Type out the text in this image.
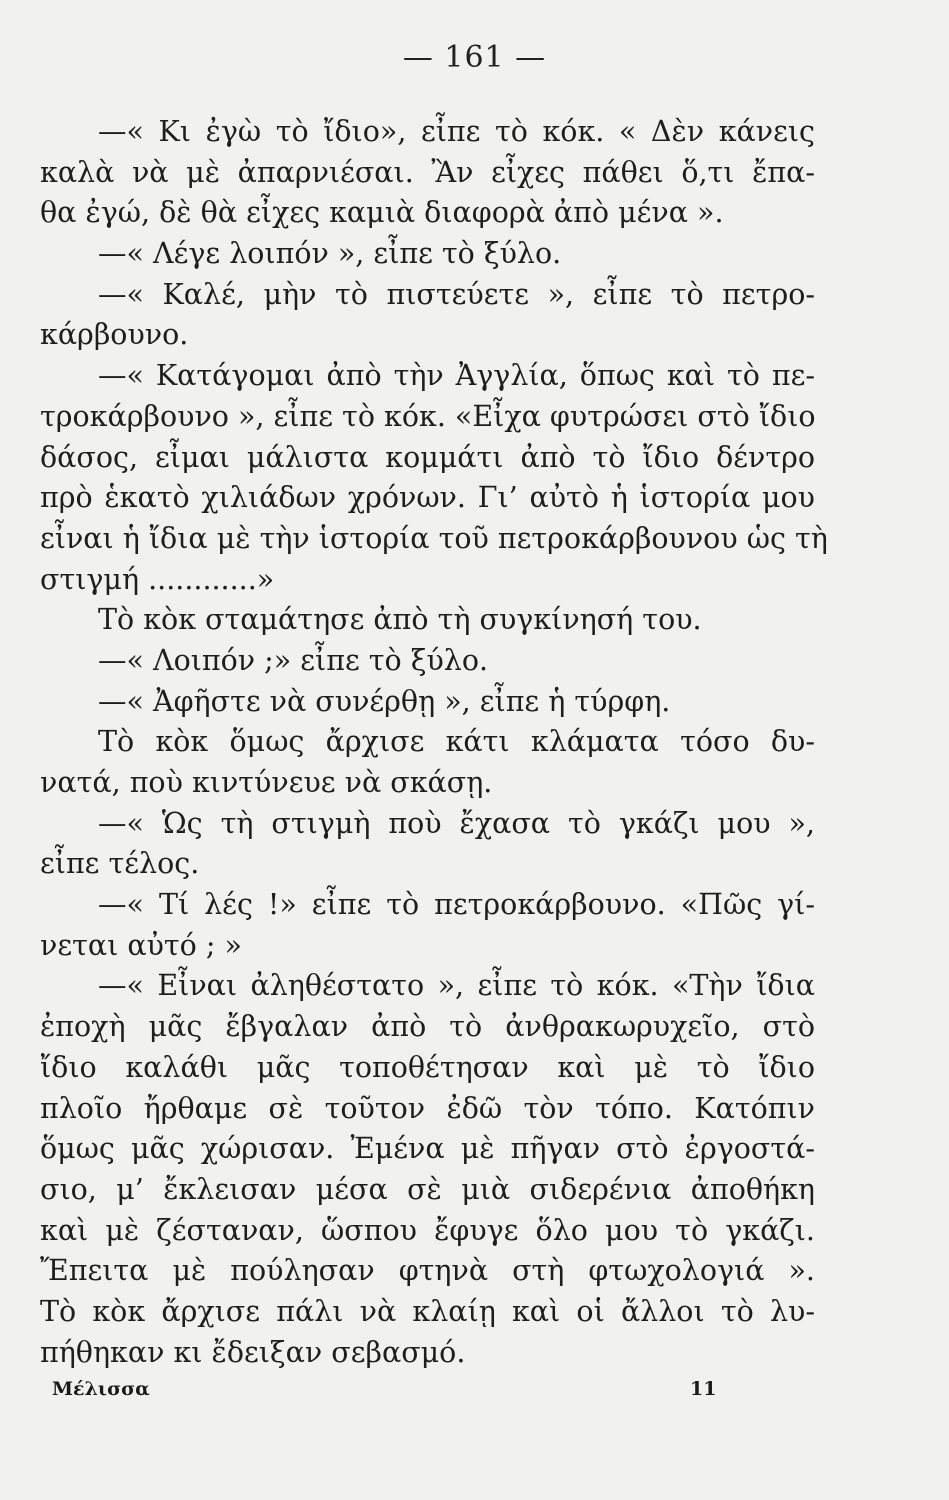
— 161 —
—« Κι ἐγὼ τὸ ἴδιο», εἶπε τὸ κόκ. « Δὲν κάνεις
καλὰ νὰ μὲ ἀπαρνιέσαι. Ἂν εἶχες πάθει ὅ,τι ἔπα-
θα ἐγώ, δὲ θὰ εἶχες καμιὰ διαφορὰ ἀπὸ μένα ».
—« Λέγε λοιπόν », εἶπε τὸ ξύλο.
—« Καλέ, μὴν τὸ πιστεύετε », εἶπε τὸ πετρο-
κάρβουνο.
—« Κατάγομαι ἀπὸ τὴν Ἀγγλία, ὅπως καὶ τὸ πε-
τροκάρβουνο », εἶπε τὸ κόκ. «Εἶχα φυτρώσει στὸ ἴδιο
δάσος, εἶμαι μάλιστα κομμάτι ἀπὸ τὸ ἴδιο δέντρο
πρὸ ἑκατὸ χιλιάδων χρόνων. Γι’ αὐτὸ ἡ ἱστορία μου
εἶναι ἡ ἴδια μὲ τὴν ἱστορία τοῦ πετροκάρβουνου ὡς τὴ
στιγμή ............»
Τὸ κὸκ σταμάτησε ἀπὸ τὴ συγκίνησή του.
—« Λοιπόν ;» εἶπε τὸ ξύλο.
—« Ἀφῆστε νὰ συνέρθῃ », εἶπε ἡ τύρφη.
Τὸ κὸκ ὅμως ἄρχισε κάτι κλάματα τόσο δυ-
νατά, ποὺ κιντύνευε νὰ σκάσῃ.
—« Ὡς τὴ στιγμὴ ποὺ ἔχασα τὸ γκάζι μου »,
εἶπε τέλος.
—« Τί λές !» εἶπε τὸ πετροκάρβουνο. «Πῶς γί-
νεται αὐτό ; »
—« Εἶναι ἀληθέστατο », εἶπε τὸ κόκ. «Τὴν ἴδια
ἐποχὴ μᾶς ἔβγαλαν ἀπὸ τὸ ἀνθρακωρυχεῖο, στὸ
ἴδιο καλάθι μᾶς τοποθέτησαν καὶ μὲ τὸ ἴδιο
πλοῖο ἤρθαμε σὲ τοῦτον ἐδῶ τὸν τόπο. Κατόπιν
ὅμως μᾶς χώρισαν. Ἐμένα μὲ πῆγαν στὸ ἐργοστά-
σιο, μ’ ἔκλεισαν μέσα σὲ μιὰ σιδερένια ἀποθήκη
καὶ μὲ ζέσταναν, ὥσπου ἔφυγε ὅλο μου τὸ γκάζι.
Ἔπειτα μὲ πούλησαν φτηνὰ στὴ φτωχολογιά ».
Τὸ κὸκ ἄρχισε πάλι νὰ κλαίῃ καὶ οἱ ἄλλοι τὸ λυ-
πήθηκαν κι ἔδειξαν σεβασμό.
Μέλισσα	11
